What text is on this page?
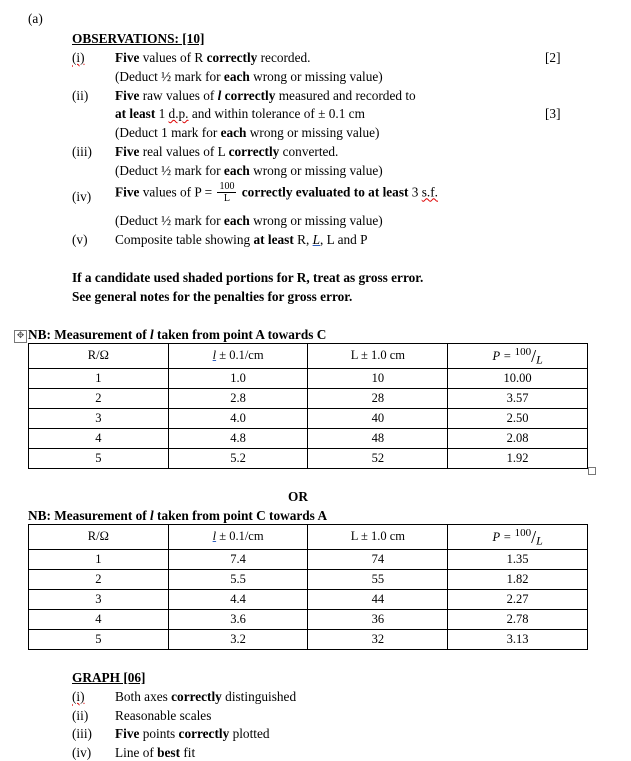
(a)
OBSERVATIONS: [10]
(i) Five values of R correctly recorded.	[2]
(Deduct ½ mark for each wrong or missing value)
(ii) Five raw values of l correctly measured and recorded to
at least 1 d.p. and within tolerance of ± 0.1 cm	[3]
(Deduct 1 mark for each wrong or missing value)
(iii) Five real values of L correctly converted.
(Deduct ½ mark for each wrong or missing value)
(iv) Five values of $P = \frac{100}{L}$ correctly evaluated to at least 3 s.f.
(Deduct ½ mark for each wrong or missing value)
(v) Composite table showing at least R, L, L and P
If a candidate used shaded portions for R, treat as gross error.
See general notes for the penalties for gross error.
✥ NB: Measurement of l taken from point A towards C
R/Ω	l ± 0.1/cm	L ± 1.0 cm	$P = ^{100}/_L$
1	1.0	10	10.00
2	2.8	28	3.57
3	4.0	40	2.50
4	4.8	48	2.08
5	5.2	52	1.92
OR
NB: Measurement of l taken from point C towards A
R/Ω	l ± 0.1/cm	L ± 1.0 cm	$P = ^{100}/_L$
1	7.4	74	1.35
2	5.5	55	1.82
3	4.4	44	2.27
4	3.6	36	2.78
5	3.2	32	3.13
GRAPH [06]
(i) Both axes correctly distinguished
(ii) Reasonable scales
(iii) Five points correctly plotted
(iv) Line of best fit
